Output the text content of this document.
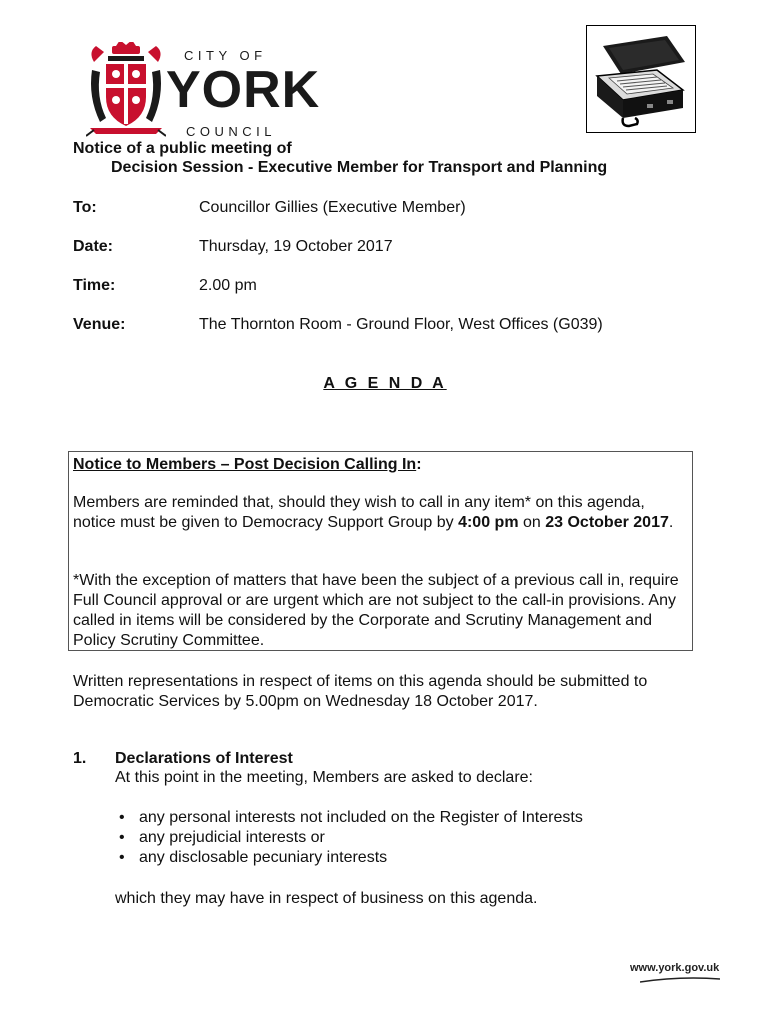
CITY OF
YORK
COUNCIL
Notice of a public meeting of
Decision Session - Executive Member for Transport and Planning
To:	Councillor Gillies (Executive Member)
Date:	Thursday, 19 October 2017
Time:	2.00 pm
Venue:	The Thornton Room - Ground Floor, West Offices (G039)
A G E N D A
Notice to Members – Post Decision Calling In:
Members are reminded that, should they wish to call in any item* on this agenda, notice must be given to Democracy Support Group by 4:00 pm on 23 October 2017.
*With the exception of matters that have been the subject of a previous call in, require Full Council approval or are urgent which are not subject to the call-in provisions. Any called in items will be considered by the Corporate and Scrutiny Management and Policy Scrutiny Committee.
Written representations in respect of items on this agenda should be submitted to Democratic Services by 5.00pm on Wednesday 18 October 2017.
1. Declarations of Interest
At this point in the meeting, Members are asked to declare:
• any personal interests not included on the Register of Interests
• any prejudicial interests or
• any disclosable pecuniary interests
which they may have in respect of business on this agenda.
www.york.gov.uk
